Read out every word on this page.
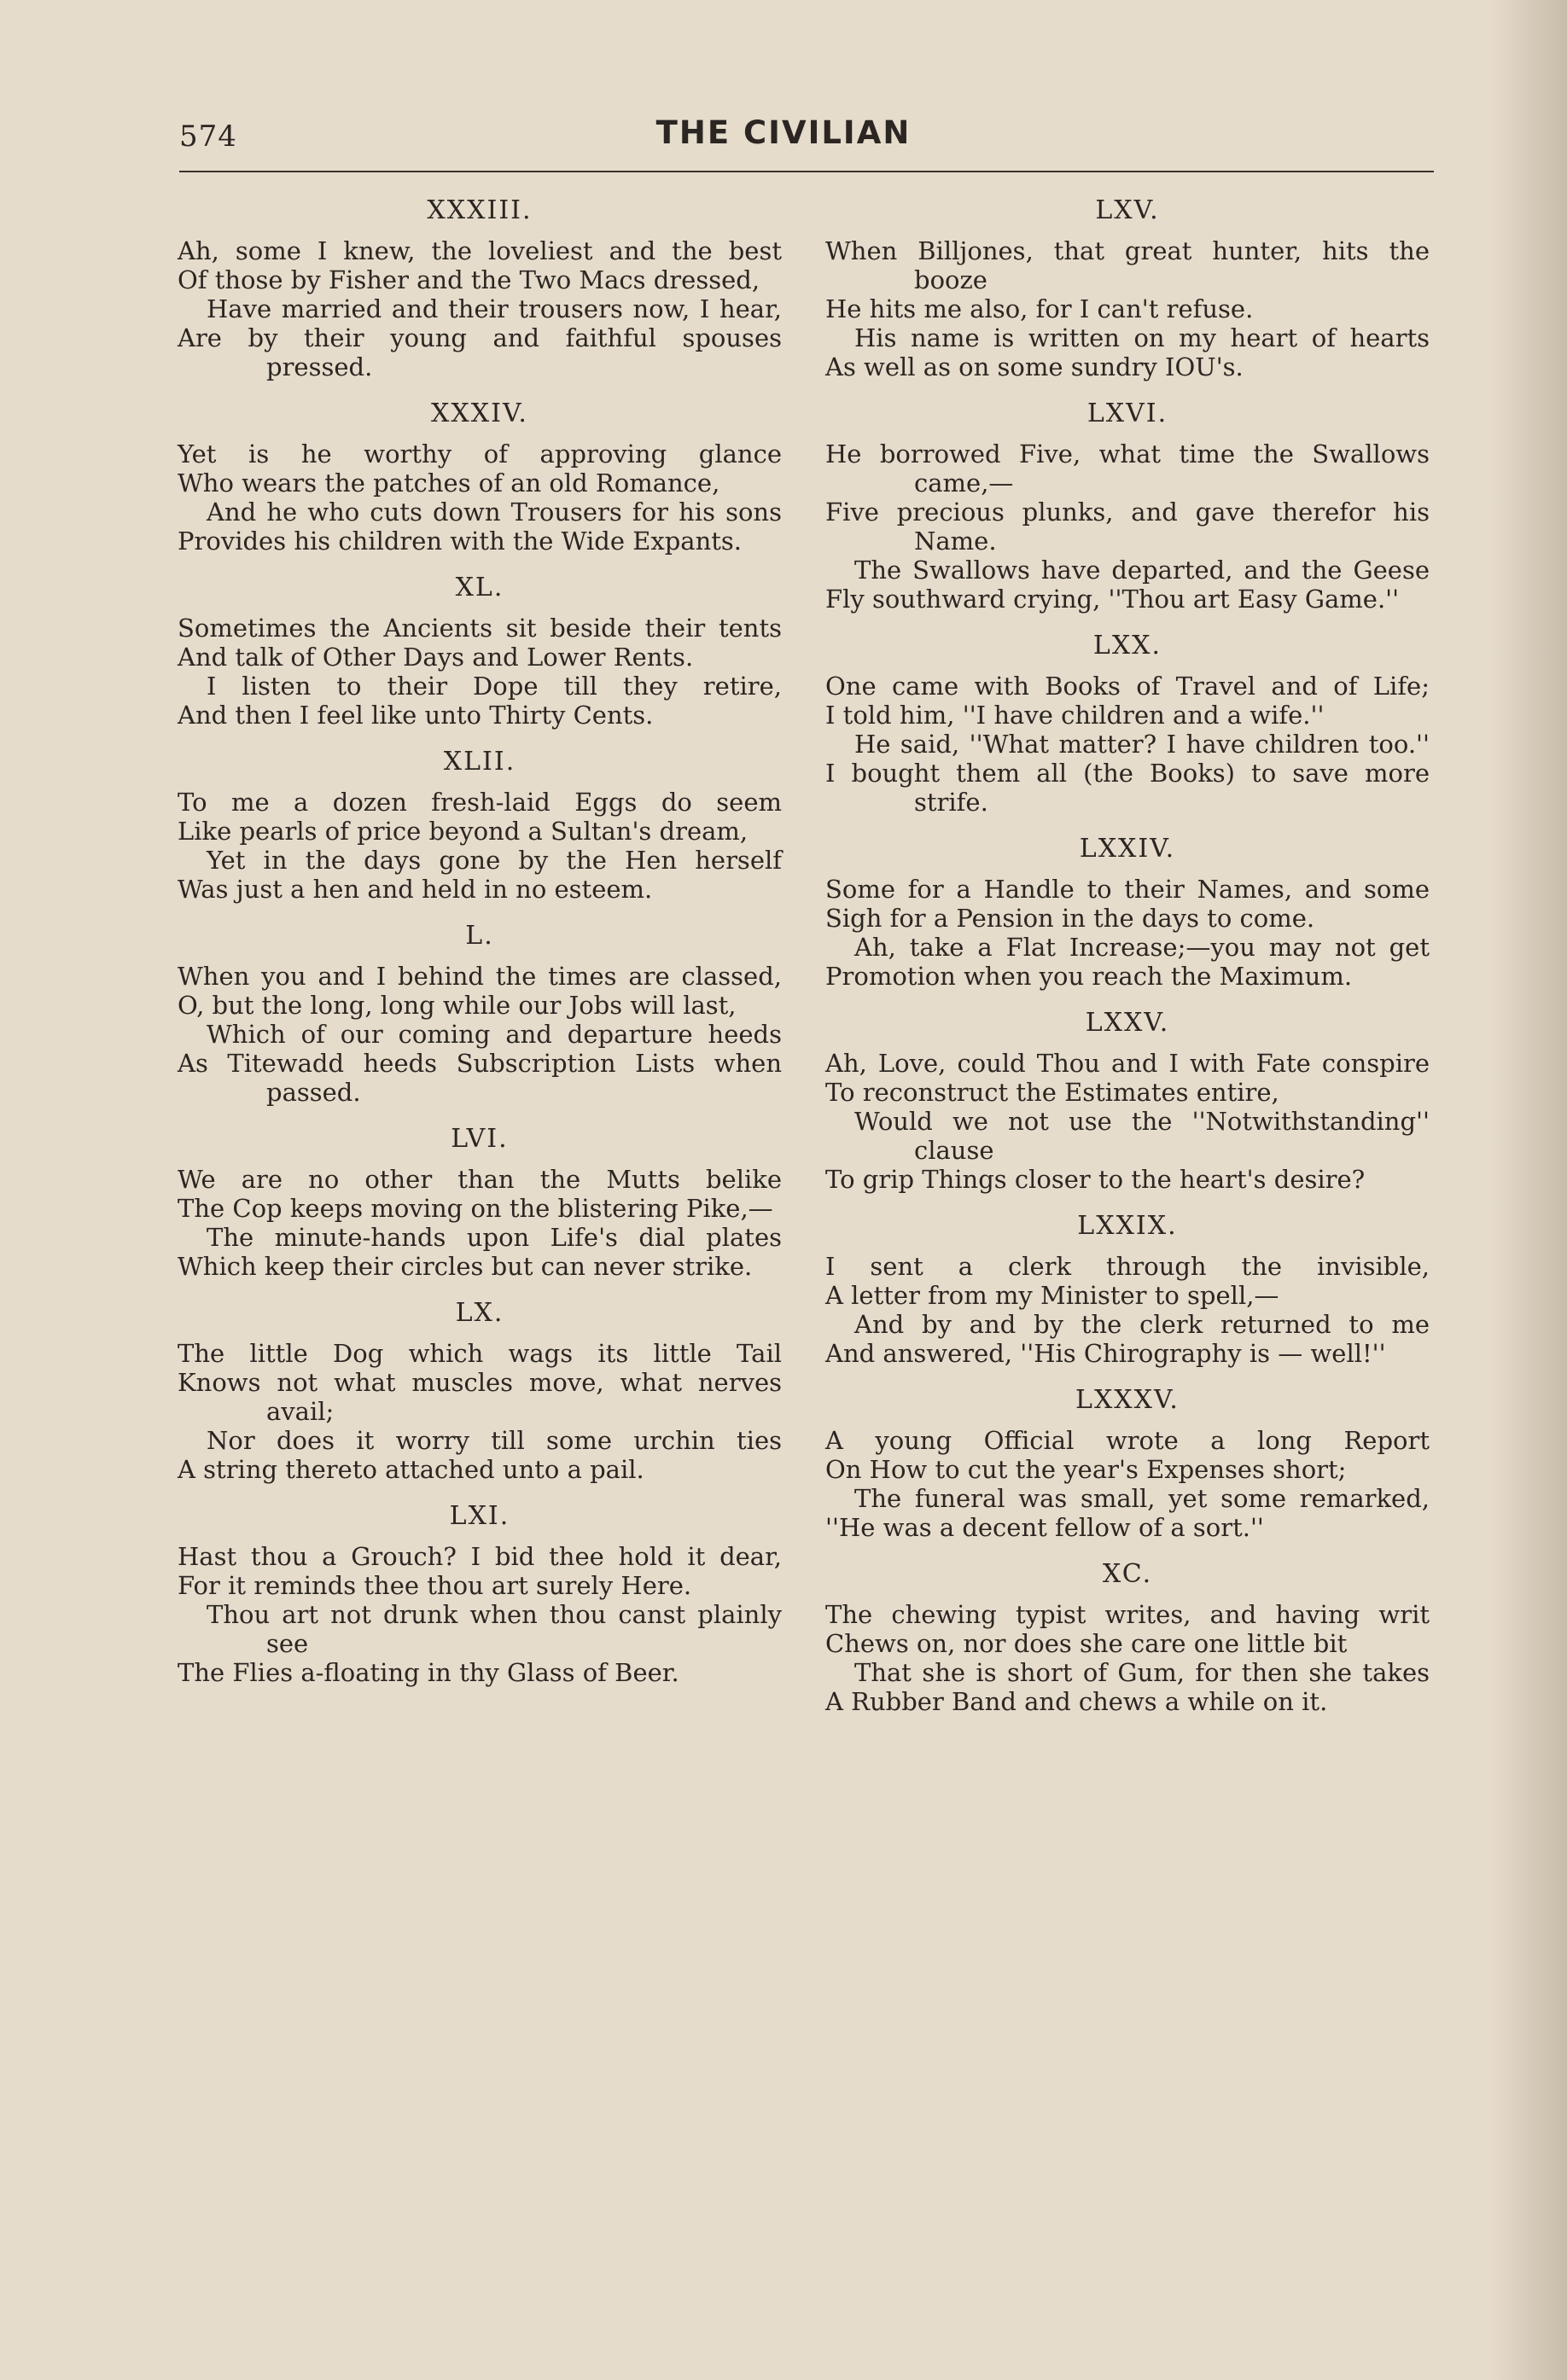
574	THE CIVILIAN
XXXIII.
Ah, some I knew, the loveliest and the best
Of those by Fisher and the Two Macs dressed,
Have married and their trousers now, I hear,
Are by their young and faithful spouses pressed.
XXXIV.
Yet is he worthy of approving glance
Who wears the patches of an old Romance,
And he who cuts down Trousers for his sons
Provides his children with the Wide Expants.
XL.
Sometimes the Ancients sit beside their tents
And talk of Other Days and Lower Rents.
I listen to their Dope till they retire,
And then I feel like unto Thirty Cents.
XLII.
To me a dozen fresh-laid Eggs do seem
Like pearls of price beyond a Sultan's dream,
Yet in the days gone by the Hen herself
Was just a hen and held in no esteem.
L.
When you and I behind the times are classed,
O, but the long, long while our Jobs will last,
Which of our coming and departure heeds
As Titewadd heeds Subscription Lists when passed.
LVI.
We are no other than the Mutts belike
The Cop keeps moving on the blistering Pike,—
The minute-hands upon Life's dial plates
Which keep their circles but can never strike.
LX.
The little Dog which wags its little Tail
Knows not what muscles move, what nerves avail;
Nor does it worry till some urchin ties
A string thereto attached unto a pail.
LXI.
Hast thou a Grouch? I bid thee hold it dear,
For it reminds thee thou art surely Here.
Thou art not drunk when thou canst plainly see
The Flies a-floating in thy Glass of Beer.
LXV.
When Billjones, that great hunter, hits the booze
He hits me also, for I can't refuse.
His name is written on my heart of hearts
As well as on some sundry IOU's.
LXVI.
He borrowed Five, what time the Swallows came,—
Five precious plunks, and gave therefor his Name.
The Swallows have departed, and the Geese
Fly southward crying, ''Thou art Easy Game.''
LXX.
One came with Books of Travel and of Life;
I told him, ''I have children and a wife.''
He said, ''What matter? I have children too.''
I bought them all (the Books) to save more strife.
LXXIV.
Some for a Handle to their Names, and some
Sigh for a Pension in the days to come.
Ah, take a Flat Increase;—you may not get
Promotion when you reach the Maximum.
LXXV.
Ah, Love, could Thou and I with Fate conspire
To reconstruct the Estimates entire,
Would we not use the ''Notwithstanding'' clause
To grip Things closer to the heart's desire?
LXXIX.
I sent a clerk through the invisible,
A letter from my Minister to spell,—
And by and by the clerk returned to me
And answered, ''His Chirography is — well!''
LXXXV.
A young Official wrote a long Report
On How to cut the year's Expenses short;
The funeral was small, yet some remarked,
''He was a decent fellow of a sort.''
XC.
The chewing typist writes, and having writ
Chews on, nor does she care one little bit
That she is short of Gum, for then she takes
A Rubber Band and chews a while on it.
